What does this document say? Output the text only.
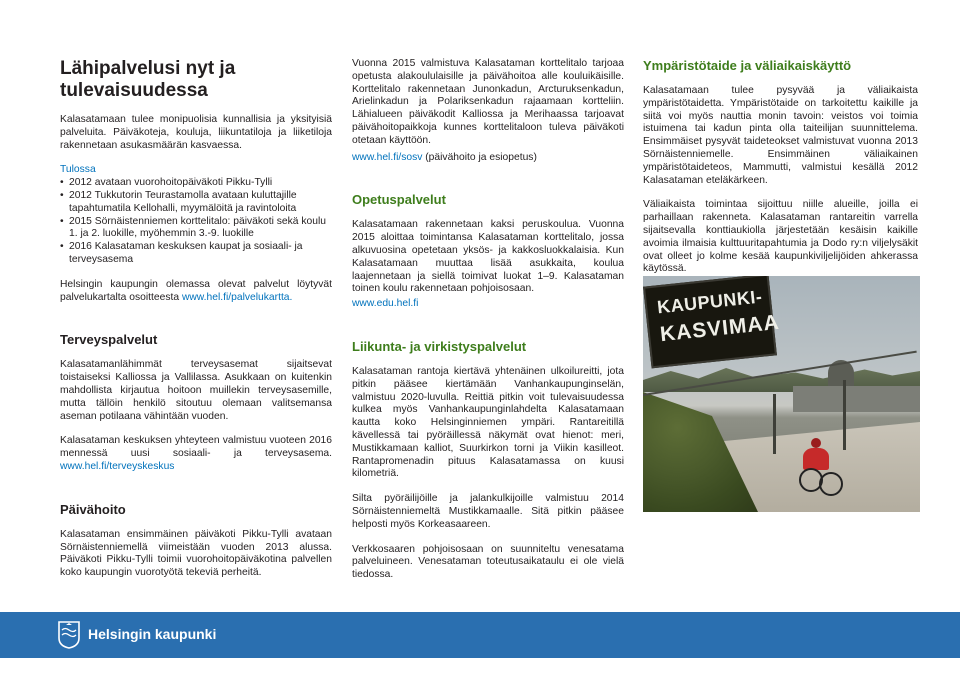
Lähipalvelusi nyt ja tulevaisuudessa

Kalasatamaan tulee monipuolisia kunnallisia ja yksityisiä palveluita. Päiväkoteja, kouluja, liikuntatiloja ja liiketiloja rakennetaan asukasmäärän kasvaessa.

Tulossa

• 2012 avataan vuorohoitopäiväkoti Pikku-Tylli
• 2012 Tukkutorin Teurastamolla avataan kuluttajille tapahtumatila Kellohalli, myymälöitä ja ravintoloita
• 2015 Sörnäistenniemen korttelitalo: päiväkoti sekä koulu 1. ja 2. luokille, myöhemmin 3.-9. luokille
• 2016 Kalasataman keskuksen kaupat ja sosiaali- ja terveysasema

Helsingin kaupungin olemassa olevat palvelut löytyvät palvelukartalta osoitteesta www.hel.fi/palvelukartta.

Terveyspalvelut

Kalasatamanlähimmät terveysasemat sijaitsevat toistaiseksi Kalliossa ja Vallilassa. Asukkaan on kuitenkin mahdollista kirjautua hoitoon muillekin terveysasemille, mutta tällöin henkilö sitoutuu olemaan valitsemansa aseman potilaana vähintään vuoden.

Kalasataman keskuksen yhteyteen valmistuu vuoteen 2016 mennessä uusi sosiaali- ja terveysasema. www.hel.fi/terveyskeskus

Päivähoito

Kalasataman ensimmäinen päiväkoti Pikku-Tylli avataan Sörnäistenniemellä viimeistään vuoden 2013 alussa. Päiväkoti Pikku-Tylli toimii vuorohoitopäiväkotina palvellen koko kaupungin vuorotyötä tekeviä perheitä.

Vuonna 2015 valmistuva Kalasataman korttelitalo tarjoaa opetusta alakoululaisille ja päivähoitoa alle kouluikäisille. Korttelitalo rakennetaan Junonkadun, Arcturuksenkadun, Arielinkadun ja Polariksenkadun rajaamaan kortteliin. Lähialueen päiväkodit Kalliossa ja Merihaassa tarjoavat päivähoitopaikkoja kunnes korttelitaloon tuleva päiväkoti otetaan käyttöön.

www.hel.fi/sosv (päivähoito ja esiopetus)

Opetuspalvelut

Kalasatamaan rakennetaan kaksi peruskoulua. Vuonna 2015 aloittaa toimintansa Kalasataman korttelitalo, jossa alkuvuosina opetetaan yksös- ja kakkosluokkalaisia. Kun Kalasatamaan muuttaa lisää asukkaita, koulua laajennetaan ja siellä toimivat luokat 1–9. Kalasataman toinen koulu rakennetaan pohjoisosaan.

www.edu.hel.fi

Liikunta- ja virkistyspalvelut

Kalasataman rantoja kiertävä yhtenäinen ulkoilureitti, jota pitkin pääsee kiertämään Vanhankaupunginselän, valmistuu 2020-luvulla. Reittiä pitkin voit tulevaisuudessa kulkea myös Vanhankaupunginlahdelta Kalasatamaan kautta koko Helsinginniemen ympäri. Rantareitillä kävellessä tai pyöräillessä näkymät ovat hienot: meri, Mustikkamaan kalliot, Suurkirkon torni ja Viikin kasilleot. Rantapromenadin pituus Kalasatamassa on kuusi kilometriä.

Silta pyöräilijöille ja jalankulkijoille valmistuu 2014 Sörnäistenniemeltä Mustikkamaalle. Sitä pitkin pääsee helposti myös Korkeasaareen.

Verkkosaaren pohjoisosaan on suunniteltu venesatama palveluineen. Venesataman toteutusaikataulu ei ole vielä tiedossa.

Ympäristötaide ja väliaikaiskäyttö

Kalasatamaan tulee pysyvää ja väliaikaista ympäristötaidetta. Ympäristötaide on tarkoitettu kaikille ja siitä voi myös nauttia monin tavoin: veistos voi toimia istuimena tai kadun pinta olla taiteilijan suunnittelema. Ensimmäiset pysyvät taideteokset valmistuvat vuonna 2013 Sörnäistenniemelle. Ensimmäinen väliaikainen ympäristötaideteos, Mammutti, valmistui kesällä 2012 Kalasataman eteläkärkeen.

Väliaikaista toimintaa sijoittuu niille alueille, joilla ei parhaillaan rakenneta. Kalasataman rantareitin varrella sijaitsevalla konttiaukiolla järjestetään kesäisin kaikille avoimia ilmaisia kulttuuritapahtumia ja Dodo ry:n viljelysäkit ovat olleet jo kolme kesää kaupunkiviljelijöiden ahkerassa käytössä.

KAUPUNKI-
KASVIMAA
Helsingin kaupunki
